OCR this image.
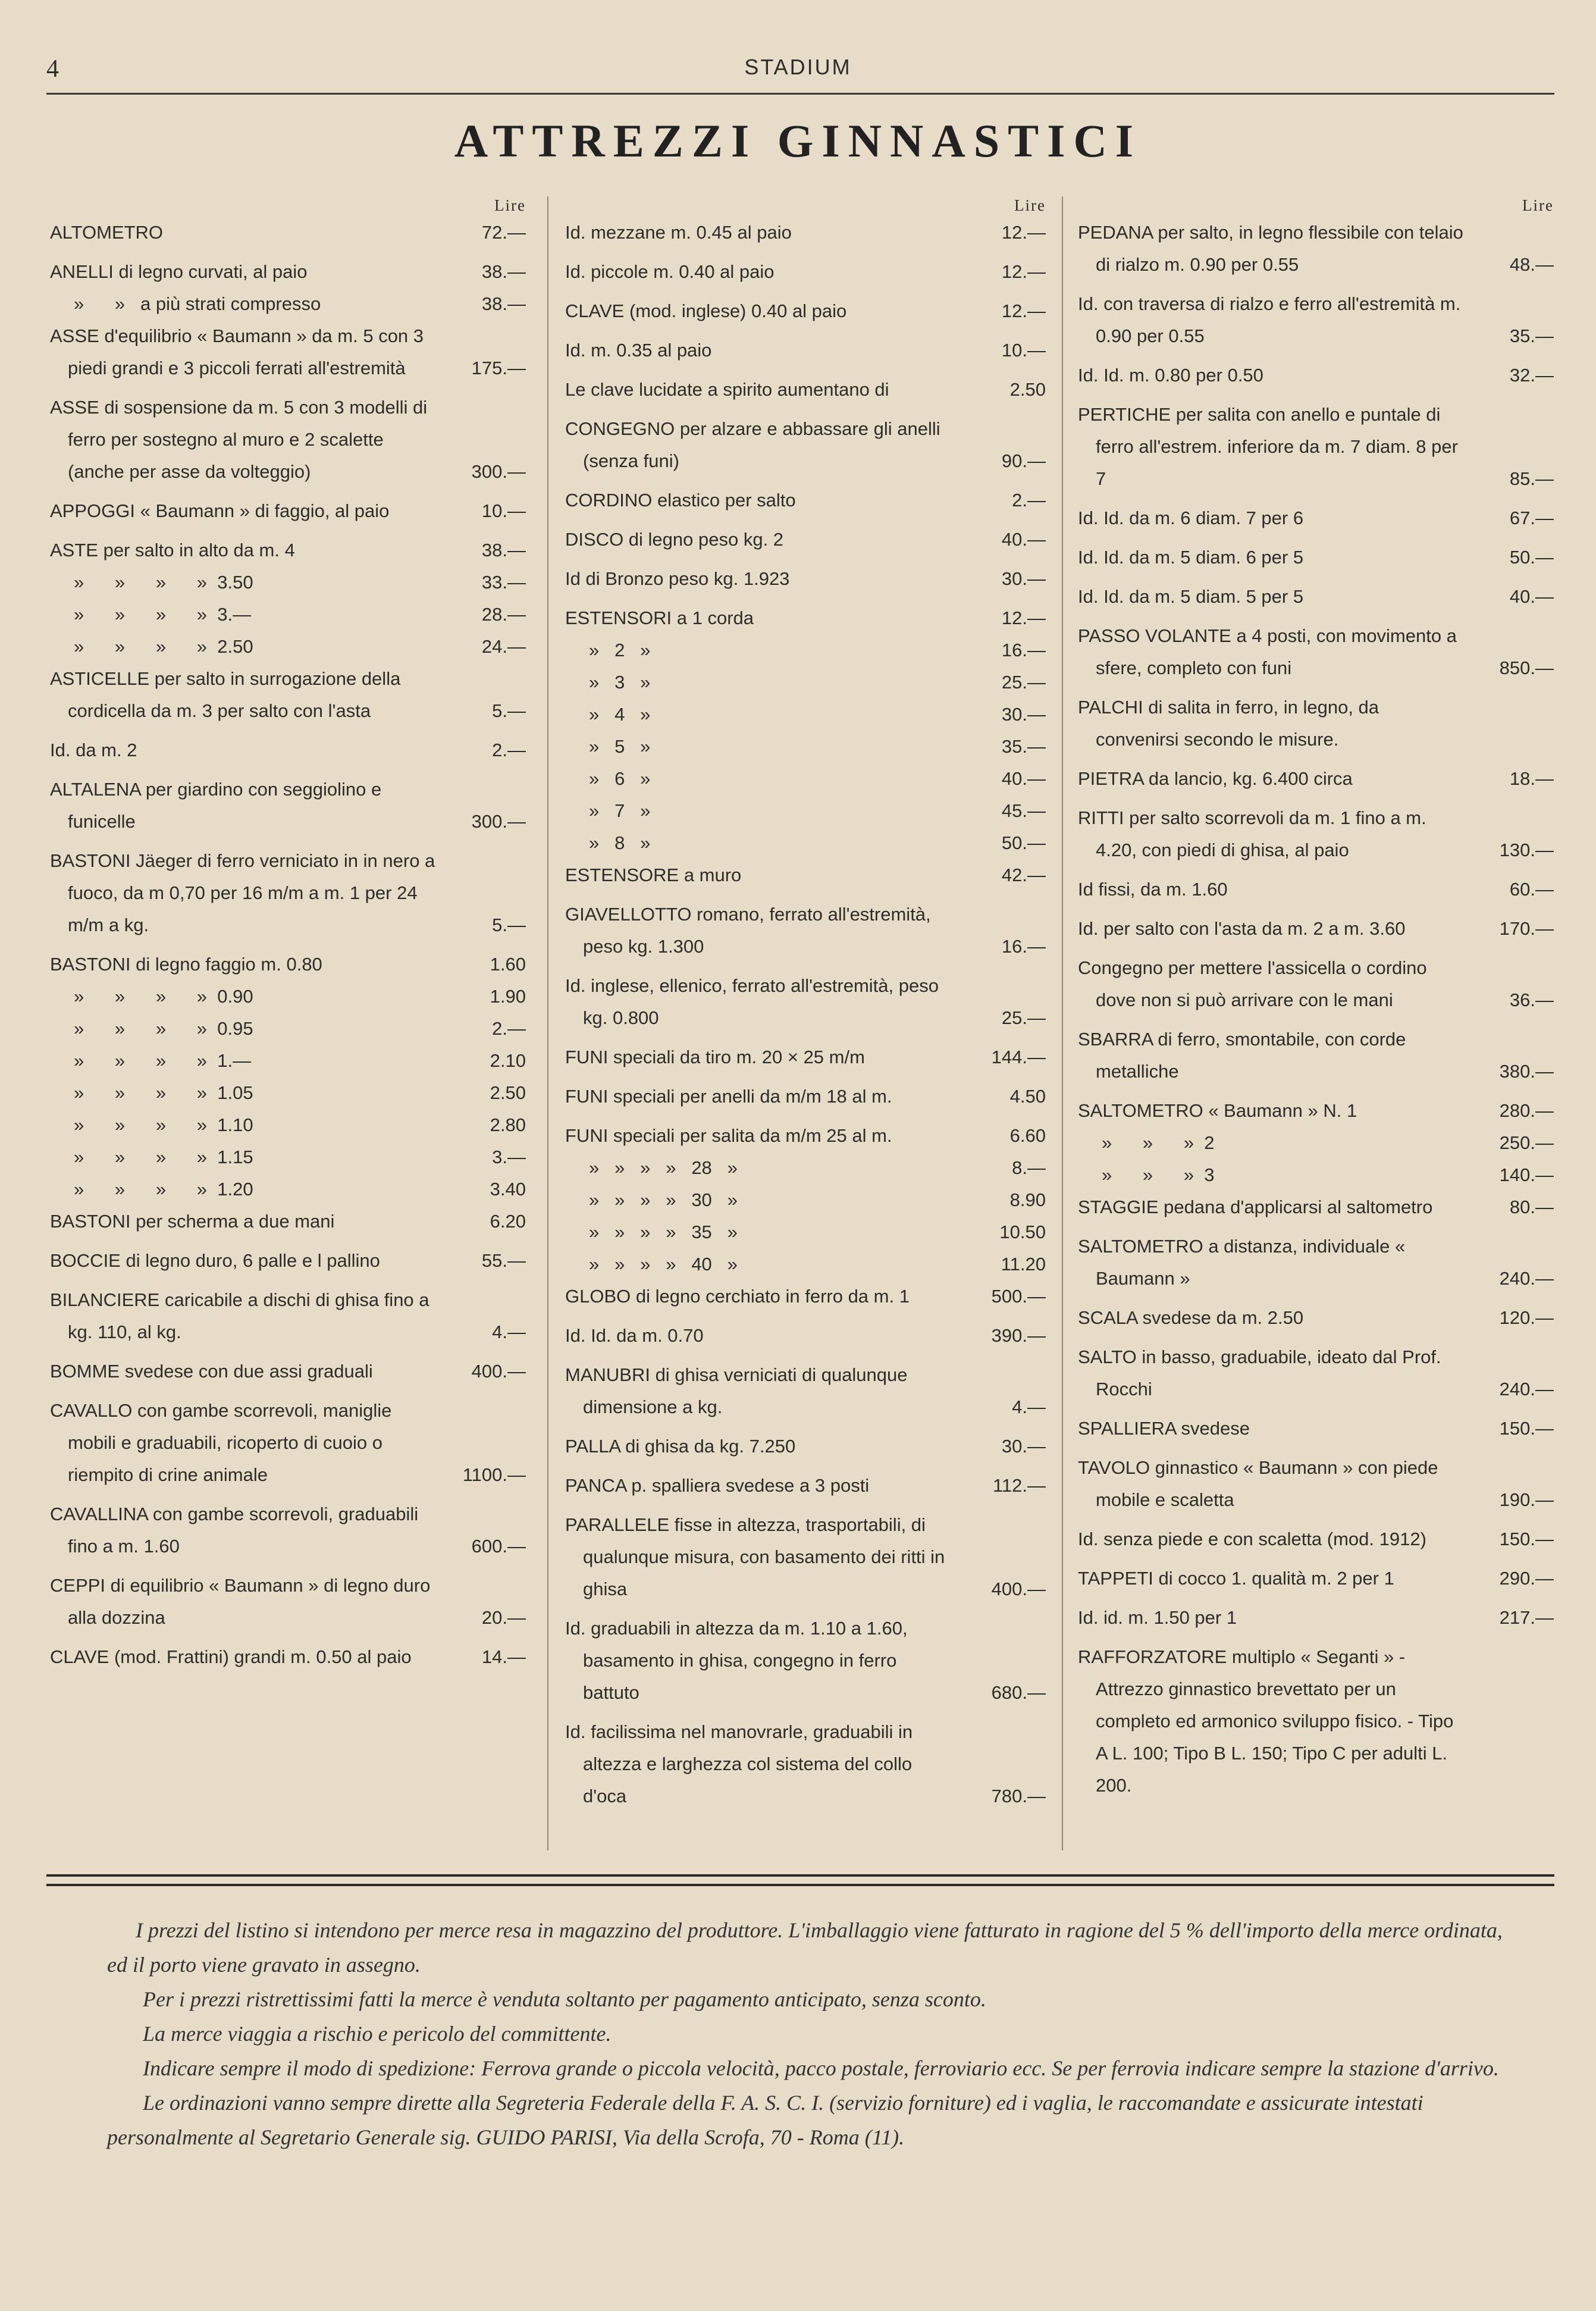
4	STADIUM
ATTREZZI GINNASTICI
Lire
ALTOMETRO	72.—
ANELLI di legno curvati, al paio	38.—
»      »   a più strati compresso	38.—
ASSE d'equilibrio « Baumann » da m. 5 con 3 piedi grandi e 3 piccoli ferrati all'estremità	175.—
ASSE di sospensione da m. 5 con 3 modelli di ferro per sostegno al muro e 2 scalette (anche per asse da volteggio)	300.—
APPOGGI « Baumann » di faggio, al paio	10.—
ASTE per salto in alto da m. 4	38.—
»      »      »      »  3.50	33.—
»      »      »      »  3.—	28.—
»      »      »      »  2.50	24.—
ASTICELLE per salto in surrogazione della cordicella da m. 3 per salto con l'asta	5.—
Id. da m. 2	2.—
ALTALENA per giardino con seggiolino e funicelle	300.—
BASTONI Jäeger di ferro verniciato in in nero a fuoco, da m 0,70 per 16 m/m a m. 1 per 24 m/m a kg.	5.—
BASTONI di legno faggio m. 0.80	1.60
»      »      »      »  0.90	1.90
»      »      »      »  0.95	2.—
»      »      »      »  1.—	2.10
»      »      »      »  1.05	2.50
»      »      »      »  1.10	2.80
»      »      »      »  1.15	3.—
»      »      »      »  1.20	3.40
BASTONI per scherma a due mani	6.20
BOCCIE di legno duro, 6 palle e l pallino	55.—
BILANCIERE caricabile a dischi di ghisa fino a kg. 110, al kg.	4.—
BOMME svedese con due assi graduali	400.—
CAVALLO con gambe scorrevoli, maniglie mobili e graduabili, ricoperto di cuoio o riempito di crine animale	1100.—
CAVALLINA con gambe scorrevoli, graduabili fino a m. 1.60	600.—
CEPPI di equilibrio « Baumann » di legno duro alla dozzina	20.—
CLAVE (mod. Frattini) grandi m. 0.50 al paio	14.—
Lire
Id. mezzane m. 0.45 al paio	12.—
Id. piccole m. 0.40 al paio	12.—
CLAVE (mod. inglese) 0.40 al paio	12.—
Id. m. 0.35 al paio	10.—
Le clave lucidate a spirito aumentano di	2.50
CONGEGNO per alzare e abbassare gli anelli (senza funi)	90.—
CORDINO elastico per salto	2.—
DISCO di legno peso kg. 2	40.—
Id di Bronzo peso kg. 1.923	30.—
ESTENSORI a 1 corda	12.—
»   2   »	16.—
»   3   »	25.—
»   4   »	30.—
»   5   »	35.—
»   6   »	40.—
»   7   »	45.—
»   8   »	50.—
ESTENSORE a muro	42.—
GIAVELLOTTO romano, ferrato all'estremità, peso kg. 1.300	16.—
Id. inglese, ellenico, ferrato all'estremità, peso kg. 0.800	25.—
FUNI speciali da tiro m. 20 × 25 m/m	144.—
FUNI speciali per anelli da m/m 18 al m.	4.50
FUNI speciali per salita da m/m 25 al m.	6.60
»   »   »   »   28   »	8.—
»   »   »   »   30   »	8.90
»   »   »   »   35   »	10.50
»   »   »   »   40   »	11.20
GLOBO di legno cerchiato in ferro da m. 1	500.—
Id. Id. da m. 0.70	390.—
MANUBRI di ghisa verniciati di qualunque dimensione a kg.	4.—
PALLA di ghisa da kg. 7.250	30.—
PANCA p. spalliera svedese a 3 posti	112.—
PARALLELE fisse in altezza, trasportabili, di qualunque misura, con basamento dei ritti in ghisa	400.—
Id. graduabili in altezza da m. 1.10 a 1.60, basamento in ghisa, congegno in ferro battuto	680.—
Id. facilissima nel manovrarle, graduabili in altezza e larghezza col sistema del collo d'oca	780.—
Lire
PEDANA per salto, in legno flessibile con telaio di rialzo m. 0.90 per 0.55	48.—
Id. con traversa di rialzo e ferro all'estremità m. 0.90 per 0.55	35.—
Id. Id. m. 0.80 per 0.50	32.—
PERTICHE per salita con anello e puntale di ferro all'estrem. inferiore da m. 7 diam. 8 per 7	85.—
Id. Id. da m. 6 diam. 7 per 6	67.—
Id. Id. da m. 5 diam. 6 per 5	50.—
Id. Id. da m. 5 diam. 5 per 5	40.—
PASSO VOLANTE a 4 posti, con movimento a sfere, completo con funi	850.—
PALCHI di salita in ferro, in legno, da convenirsi secondo le misure.
PIETRA da lancio, kg. 6.400 circa	18.—
RITTI per salto scorrevoli da m. 1 fino a m. 4.20, con piedi di ghisa, al paio	130.—
Id fissi, da m. 1.60	60.—
Id. per salto con l'asta da m. 2 a m. 3.60	170.—
Congegno per mettere l'assicella o cordino dove non si può arrivare con le mani	36.—
SBARRA di ferro, smontabile, con corde metalliche	380.—
SALTOMETRO « Baumann » N. 1	280.—
»      »      »  2	250.—
»      »      »  3	140.—
STAGGIE pedana d'applicarsi al saltometro	80.—
SALTOMETRO a distanza, individuale « Baumann »	240.—
SCALA svedese da m. 2.50	120.—
SALTO in basso, graduabile, ideato dal Prof. Rocchi	240.—
SPALLIERA svedese	150.—
TAVOLO ginnastico « Baumann » con piede mobile e scaletta	190.—
Id. senza piede e con scaletta (mod. 1912)	150.—
TAPPETI di cocco 1. qualità m. 2 per 1	290.—
Id. id. m. 1.50 per 1	217.—
RAFFORZATORE multiplo « Seganti » - Attrezzo ginnastico brevettato per un completo ed armonico sviluppo fisico. - Tipo A L. 100; Tipo B L. 150; Tipo C per adulti L. 200.

I prezzi del listino si intendono per merce resa in magazzino del produttore. L'imballaggio viene fatturato in ragione del 5 % dell'importo della merce ordinata, ed il porto viene gravato in assegno.

Per i prezzi ristrettissimi fatti la merce è venduta soltanto per pagamento anticipato, senza sconto.

La merce viaggia a rischio e pericolo del committente.

Indicare sempre il modo di spedizione: Ferrova grande o piccola velocità, pacco postale, ferroviario ecc. Se per ferrovia indicare sempre la stazione d'arrivo.

Le ordinazioni vanno sempre dirette alla Segreteria Federale della F. A. S. C. I. (servizio forniture) ed i vaglia, le raccomandate e assicurate intestati personalmente al Segretario Generale sig. GUIDO PARISI, Via della Scrofa, 70 - Roma (11).
